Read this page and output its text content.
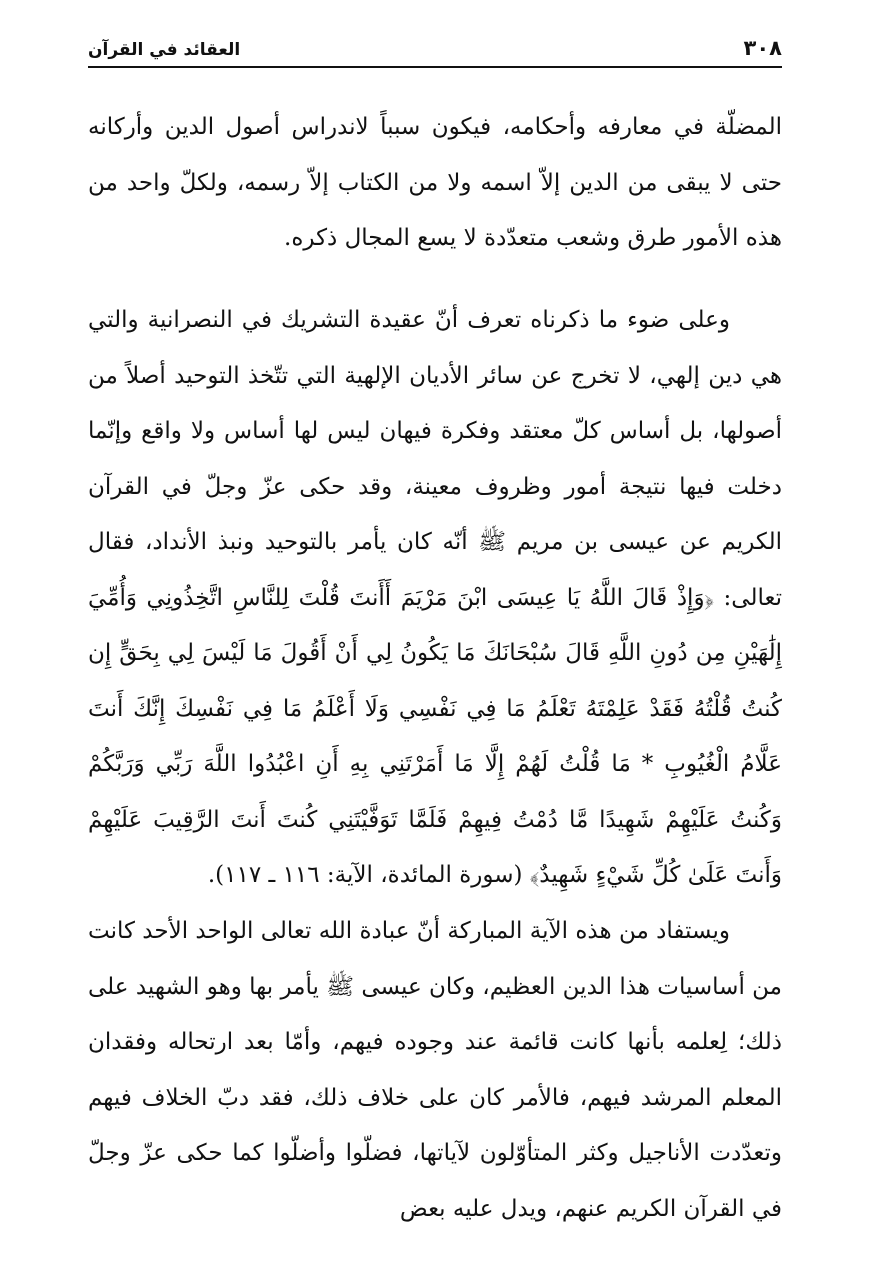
٣٠٨
العقائد في القرآن

المضلّة في معارفه وأحكامه، فيكون سبباً لاندراس أصول الدين وأركانه حتى لا يبقى من الدين إلاّ اسمه ولا من الكتاب إلاّ رسمه، ولكلّ واحد من هذه الأمور طرق وشعب متعدّدة لا يسع المجال ذكره.

وعلى ضوء ما ذكرناه تعرف أنّ عقيدة التشريك في النصرانية والتي هي دين إلهي، لا تخرج عن سائر الأديان الإلهية التي تتّخذ التوحيد أصلاً من أصولها، بل أساس كلّ معتقد وفكرة فيهان ليس لها أساس ولا واقع وإنّما دخلت فيها نتيجة أمور وظروف معينة، وقد حكى عزّ وجلّ في القرآن الكريم عن عيسى بن مريم ﷺ أنّه كان يأمر بالتوحيد ونبذ الأنداد، فقال تعالى: ﴿وَإِذْ قَالَ اللَّهُ يَا عِيسَى ابْنَ مَرْيَمَ أَأَنتَ قُلْتَ لِلنَّاسِ اتَّخِذُونِي وَأُمِّيَ إِلَٰهَيْنِ مِن دُونِ اللَّهِ قَالَ سُبْحَانَكَ مَا يَكُونُ لِي أَنْ أَقُولَ مَا لَيْسَ لِي بِحَقٍّ إِن كُنتُ قُلْتُهُ فَقَدْ عَلِمْتَهُ تَعْلَمُ مَا فِي نَفْسِي وَلَا أَعْلَمُ مَا فِي نَفْسِكَ إِنَّكَ أَنتَ عَلَّامُ الْغُيُوبِ * مَا قُلْتُ لَهُمْ إِلَّا مَا أَمَرْتَنِي بِهِ أَنِ اعْبُدُوا اللَّهَ رَبِّي وَرَبَّكُمْ وَكُنتُ عَلَيْهِمْ شَهِيدًا مَّا دُمْتُ فِيهِمْ فَلَمَّا تَوَفَّيْتَنِي كُنتَ أَنتَ الرَّقِيبَ عَلَيْهِمْ وَأَنتَ عَلَىٰ كُلِّ شَيْءٍ شَهِيدٌ﴾ (سورة المائدة، الآية: ١١٦ ـ ١١٧).

ويستفاد من هذه الآية المباركة أنّ عبادة الله تعالى الواحد الأحد كانت من أساسيات هذا الدين العظيم، وكان عيسى ﷺ يأمر بها وهو الشهيد على ذلك؛ لِعلمه بأنها كانت قائمة عند وجوده فيهم، وأمّا بعد ارتحاله وفقدان المعلم المرشد فيهم، فالأمر كان على خلاف ذلك، فقد دبّ الخلاف فيهم وتعدّدت الأناجيل وكثر المتأوّلون لآياتها، فضلّوا وأضلّوا كما حكى عزّ وجلّ في القرآن الكريم عنهم، ويدل عليه بعض
